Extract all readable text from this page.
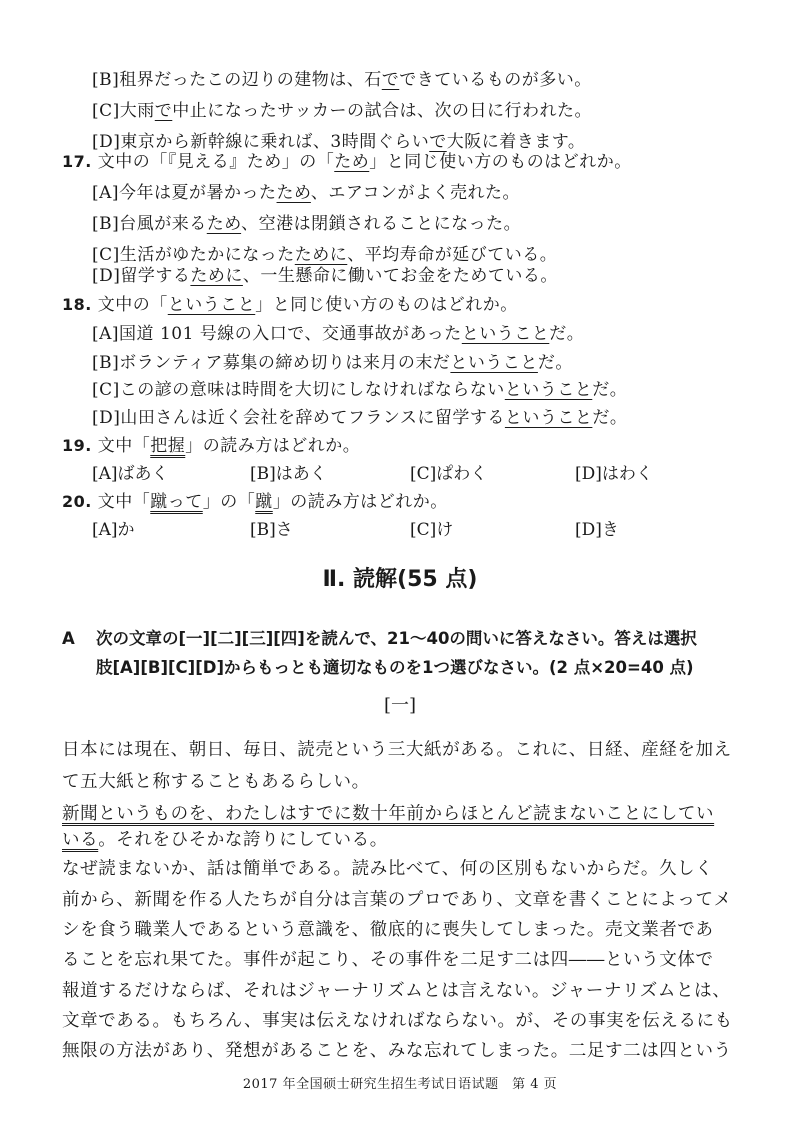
[B]租界だったこの辺りの建物は、石でできているものが多い。
[C]大雨で中止になったサッカーの試合は、次の日に行われた。
[D]東京から新幹線に乗れば、3時間ぐらいで大阪に着きます。
17. 文中の「『見える』ため」の「ため」と同じ使い方のものはどれか。
[A]今年は夏が暑かったため、エアコンがよく売れた。
[B]台風が来るため、空港は閉鎖されることになった。
[C]生活がゆたかになったために、平均寿命が延びている。
[D]留学するために、一生懸命に働いてお金をためている。
18. 文中の「ということ」と同じ使い方のものはどれか。
[A]国道 101 号線の入口で、交通事故があったということだ。
[B]ボランティア募集の締め切りは来月の末だということだ。
[C]この諺の意味は時間を大切にしなければならないということだ。
[D]山田さんは近く会社を辞めてフランスに留学するということだ。
19. 文中「把握」の読み方はどれか。
[A]ばあく	[B]はあく	[C]ぱわく	[D]はわく
20. 文中「蹴って」の「蹴」の読み方はどれか。
[A]か	[B]さ	[C]け	[D]き
Ⅱ. 読解(55 点)
A 次の文章の[一][二][三][四]を読んで、21～40の問いに答えなさい。答えは選択
肢[A][B][C][D]からもっとも適切なものを1つ選びなさい。(2 点×20=40 点)
[一]
日本には現在、朝日、毎日、読売という三大紙がある。これに、日経、産経を加え
て五大紙と称することもあるらしい。
新聞というものを、わたしはすでに数十年前からほとんど読まないことにしてい
いる。それをひそかな誇りにしている。
なぜ読まないか、話は簡単である。読み比べて、何の区別もないからだ。久しく
前から、新聞を作る人たちが自分は言葉のプロであり、文章を書くことによってメ
シを食う職業人であるという意識を、徹底的に喪失してしまった。売文業者であ
ることを忘れ果てた。事件が起こり、その事件を二足す二は四――という文体で
報道するだけならば、それはジャーナリズムとは言えない。ジャーナリズムとは、
文章である。もちろん、事実は伝えなければならない。が、その事実を伝えるにも
無限の方法があり、発想があることを、みな忘れてしまった。二足す二は四という
2017 年全国硕士研究生招生考试日语试题　第 4 页
